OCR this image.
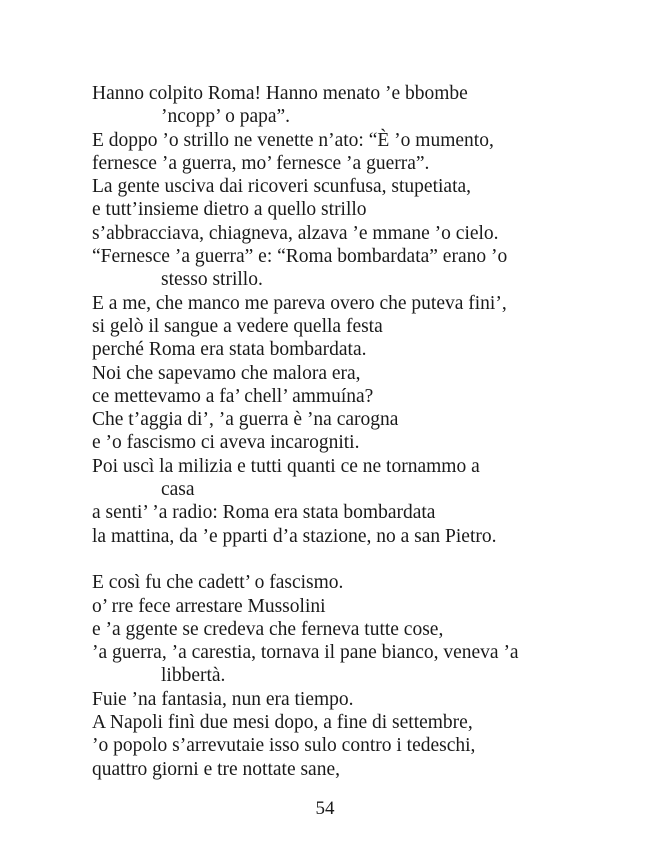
Hanno colpito Roma! Hanno menato ’e bbombe

’ncopp’ o papa”.

E doppo ’o strillo ne venette n’ato: “È ’o mumento,

fernesce ’a guerra, mo’ fernesce ’a guerra”.

La gente usciva dai ricoveri scunfusa, stupetiata,

e tutt’insieme dietro a quello strillo

s’abbracciava, chiagneva, alzava ’e mmane ’o cielo.

“Fernesce ’a guerra” e: “Roma bombardata” erano ’o

stesso strillo.

E a me, che manco me pareva overo che puteva fini’,

si gelò il sangue a vedere quella festa

perché Roma era stata bombardata.

Noi che sapevamo che malora era,

ce mettevamo a fa’ chell’ ammuína?

Che t’aggia di’, ’a guerra è ’na carogna

e ’o fascismo ci aveva incarogniti.

Poi uscì la milizia e tutti quanti ce ne tornammo a

casa

a senti’ ’a radio: Roma era stata bombardata

la mattina, da ’e pparti d’a stazione, no a san Pietro.

E così fu che cadett’ o fascismo.

o’ rre fece arrestare Mussolini

e ’a ggente se credeva che ferneva tutte cose,

’a guerra, ’a carestia, tornava il pane bianco, veneva ’a

libbertà.

Fuie ’na fantasia, nun era tiempo.

A Napoli finì due mesi dopo, a fine di settembre,

’o popolo s’arrevutaie isso sulo contro i tedeschi,

quattro giorni e tre nottate sane,

54
